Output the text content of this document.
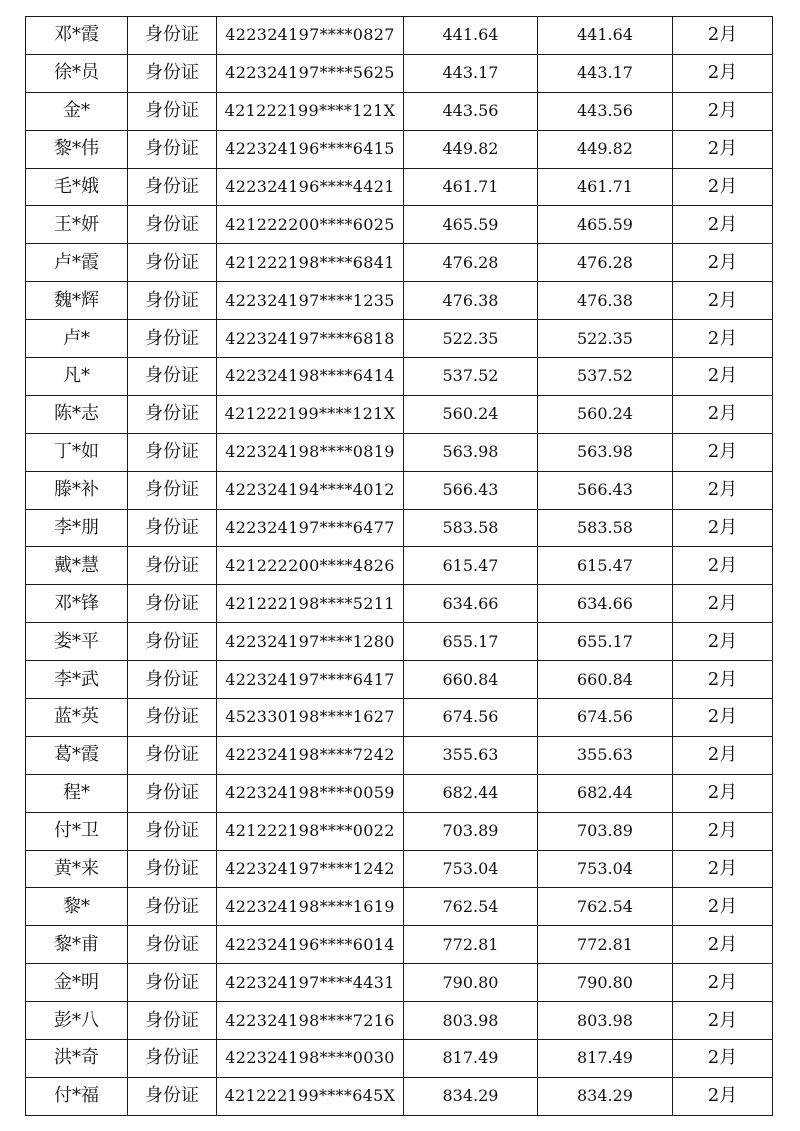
邓*霞	身份证	422324197****0827	441.64	441.64	2月
徐*员	身份证	422324197****5625	443.17	443.17	2月
金*	身份证	421222199****121X	443.56	443.56	2月
黎*伟	身份证	422324196****6415	449.82	449.82	2月
毛*娥	身份证	422324196****4421	461.71	461.71	2月
王*妍	身份证	421222200****6025	465.59	465.59	2月
卢*霞	身份证	421222198****6841	476.28	476.28	2月
魏*辉	身份证	422324197****1235	476.38	476.38	2月
卢*	身份证	422324197****6818	522.35	522.35	2月
凡*	身份证	422324198****6414	537.52	537.52	2月
陈*志	身份证	421222199****121X	560.24	560.24	2月
丁*如	身份证	422324198****0819	563.98	563.98	2月
滕*补	身份证	422324194****4012	566.43	566.43	2月
李*朋	身份证	422324197****6477	583.58	583.58	2月
戴*慧	身份证	421222200****4826	615.47	615.47	2月
邓*锋	身份证	421222198****5211	634.66	634.66	2月
娄*平	身份证	422324197****1280	655.17	655.17	2月
李*武	身份证	422324197****6417	660.84	660.84	2月
蓝*英	身份证	452330198****1627	674.56	674.56	2月
葛*霞	身份证	422324198****7242	355.63	355.63	2月
程*	身份证	422324198****0059	682.44	682.44	2月
付*卫	身份证	421222198****0022	703.89	703.89	2月
黄*来	身份证	422324197****1242	753.04	753.04	2月
黎*	身份证	422324198****1619	762.54	762.54	2月
黎*甫	身份证	422324196****6014	772.81	772.81	2月
金*明	身份证	422324197****4431	790.80	790.80	2月
彭*八	身份证	422324198****7216	803.98	803.98	2月
洪*奇	身份证	422324198****0030	817.49	817.49	2月
付*福	身份证	421222199****645X	834.29	834.29	2月
